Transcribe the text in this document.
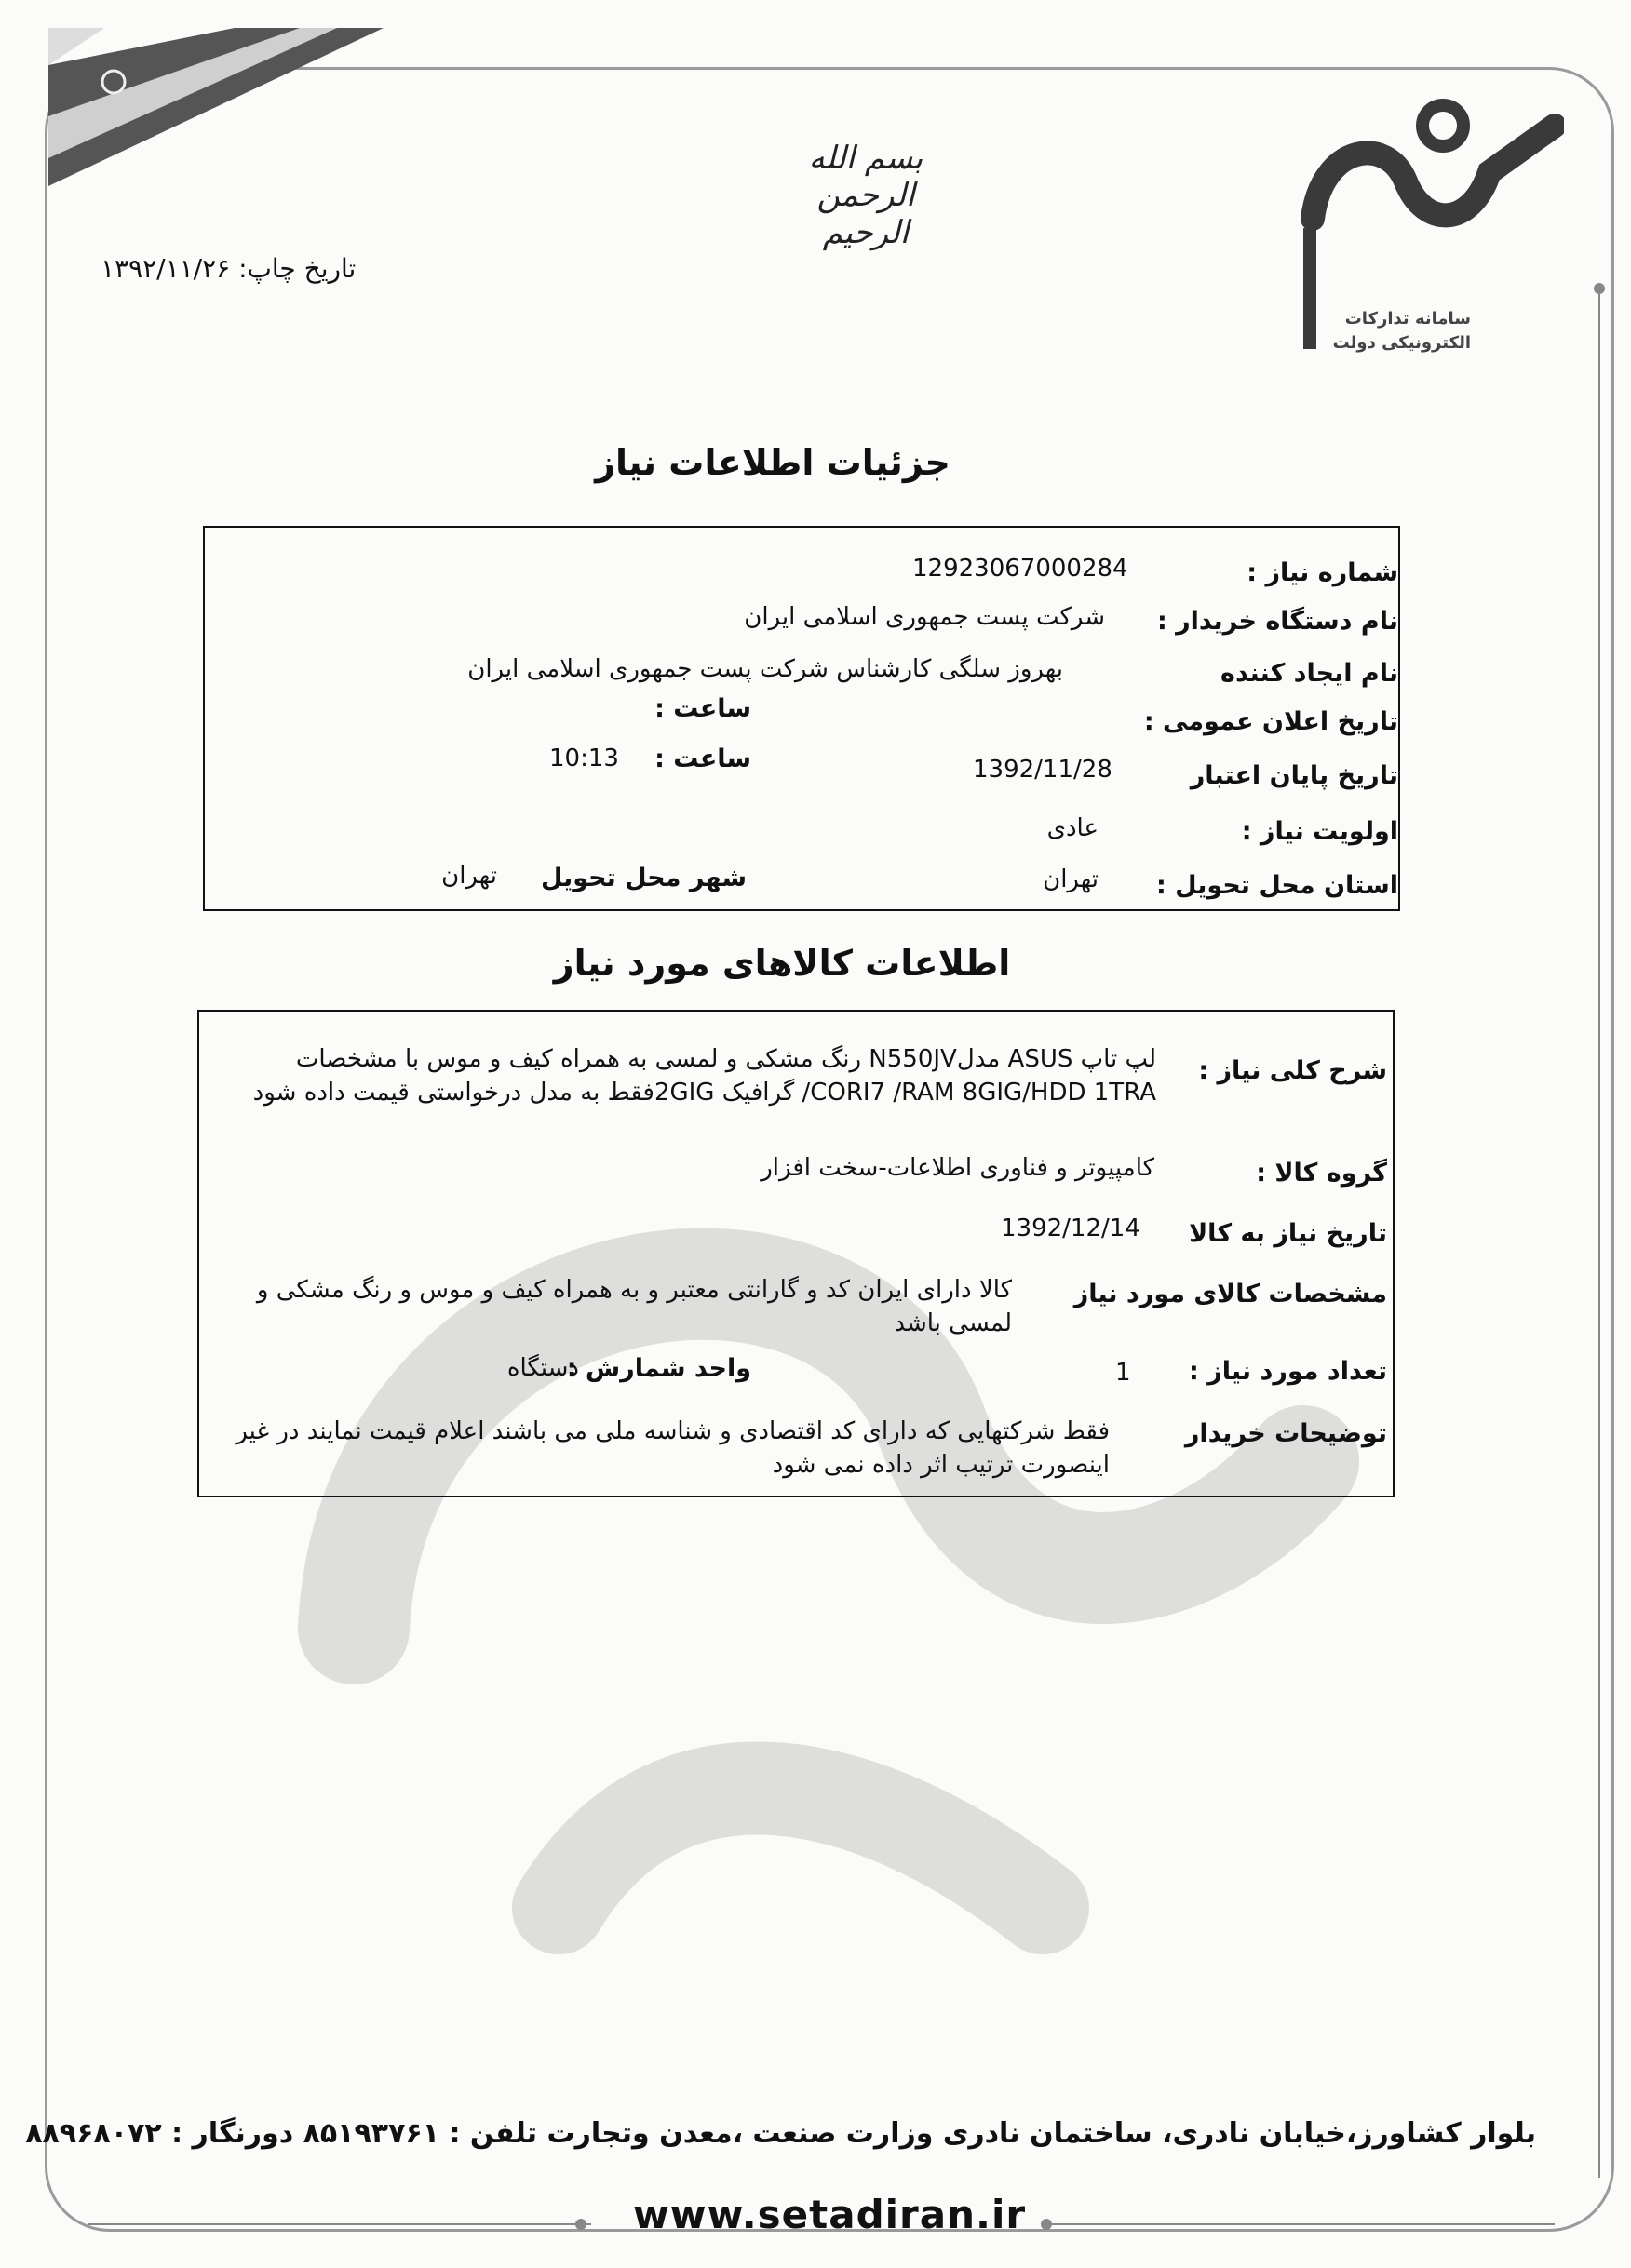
بسم الله الرحمن الرحيم
سامانه تدارکات الکترونیکی دولت
تاریخ چاپ: ۱۳۹۲/۱۱/۲۶
جزئیات اطلاعات نیاز
شماره نیاز :
12923067000284
نام دستگاه خریدار :
شرکت پست جمهوری اسلامی ایران
نام ایجاد کننده
بهروز سلگی کارشناس شرکت پست جمهوری اسلامی ایران
تاریخ اعلان عمومی :
ساعت :
تاریخ پایان اعتبار
1392/11/28
ساعت :
10:13
اولویت نیاز :
عادی
استان محل تحویل :
تهران
شهر محل تحویل
تهران
اطلاعات کالاهای مورد نیاز
شرح کلی نیاز :
لپ تاپ ASUS مدلN550JV رنگ مشکی و لمسی به همراه کیف و موس با مشخصات CORI7 /RAM 8GIG/HDD 1TRA/ گرافیک 2GIGفقط به مدل درخواستی قیمت داده شود
گروه کالا :
کامپیوتر و فناوری اطلاعات-سخت افزار
تاریخ نیاز به کالا
1392/12/14
مشخصات کالای مورد نیاز
کالا دارای ایران کد و گارانتی معتبر و به همراه کیف و موس و رنگ مشکی و لمسی باشد
تعداد مورد نیاز :
1
واحد شمارش :
دستگاه
توضیحات خریدار
فقط شرکتهایی که دارای کد اقتصادی و شناسه ملی می باشند اعلام قیمت نمایند در غیر اینصورت ترتیب اثر داده نمی شود
بلوار کشاورز،خیابان نادری، ساختمان نادری وزارت صنعت ،معدن وتجارت تلفن : ۸۵۱۹۳۷۶۱ دورنگار : ۸۸۹۶۸۰۷۲
www.setadiran.ir
